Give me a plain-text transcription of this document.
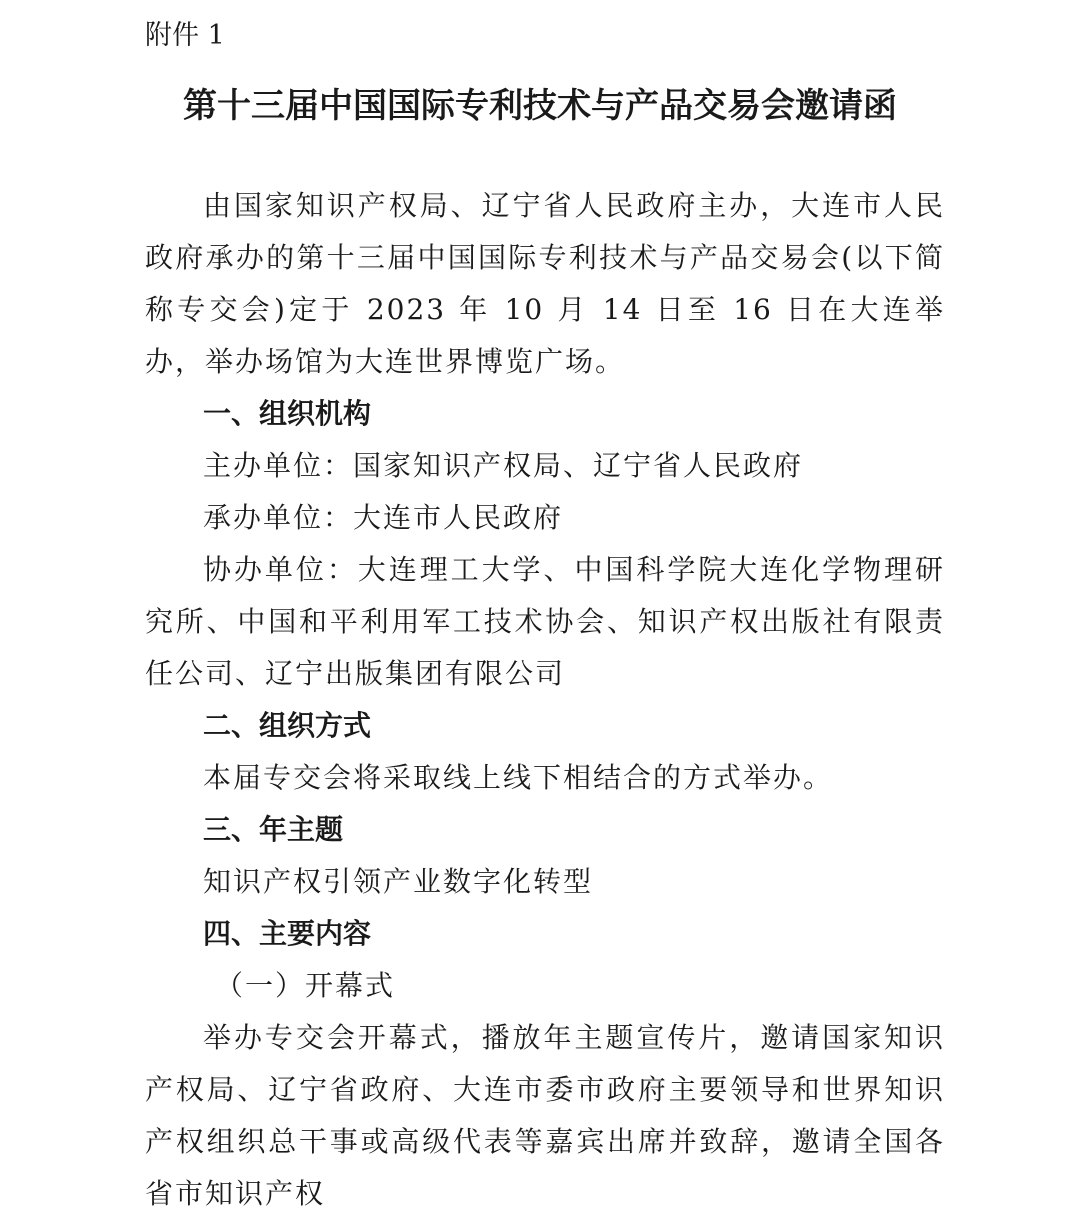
附件 1
第十三届中国国际专利技术与产品交易会邀请函

由国家知识产权局、辽宁省人民政府主办，大连市人民政府承办的第十三届中国国际专利技术与产品交易会(以下简称专交会)定于 2023 年 10 月 14 日至 16 日在大连举办，举办场馆为大连世界博览广场。

一、组织机构

主办单位：国家知识产权局、辽宁省人民政府

承办单位：大连市人民政府

协办单位：大连理工大学、中国科学院大连化学物理研究所、中国和平利用军工技术协会、知识产权出版社有限责任公司、辽宁出版集团有限公司

二、组织方式

本届专交会将采取线上线下相结合的方式举办。

三、年主题

知识产权引领产业数字化转型

四、主要内容

（一）开幕式

举办专交会开幕式，播放年主题宣传片，邀请国家知识产权局、辽宁省政府、大连市委市政府主要领导和世界知识产权组织总干事或高级代表等嘉宾出席并致辞，邀请全国各省市知识产权
